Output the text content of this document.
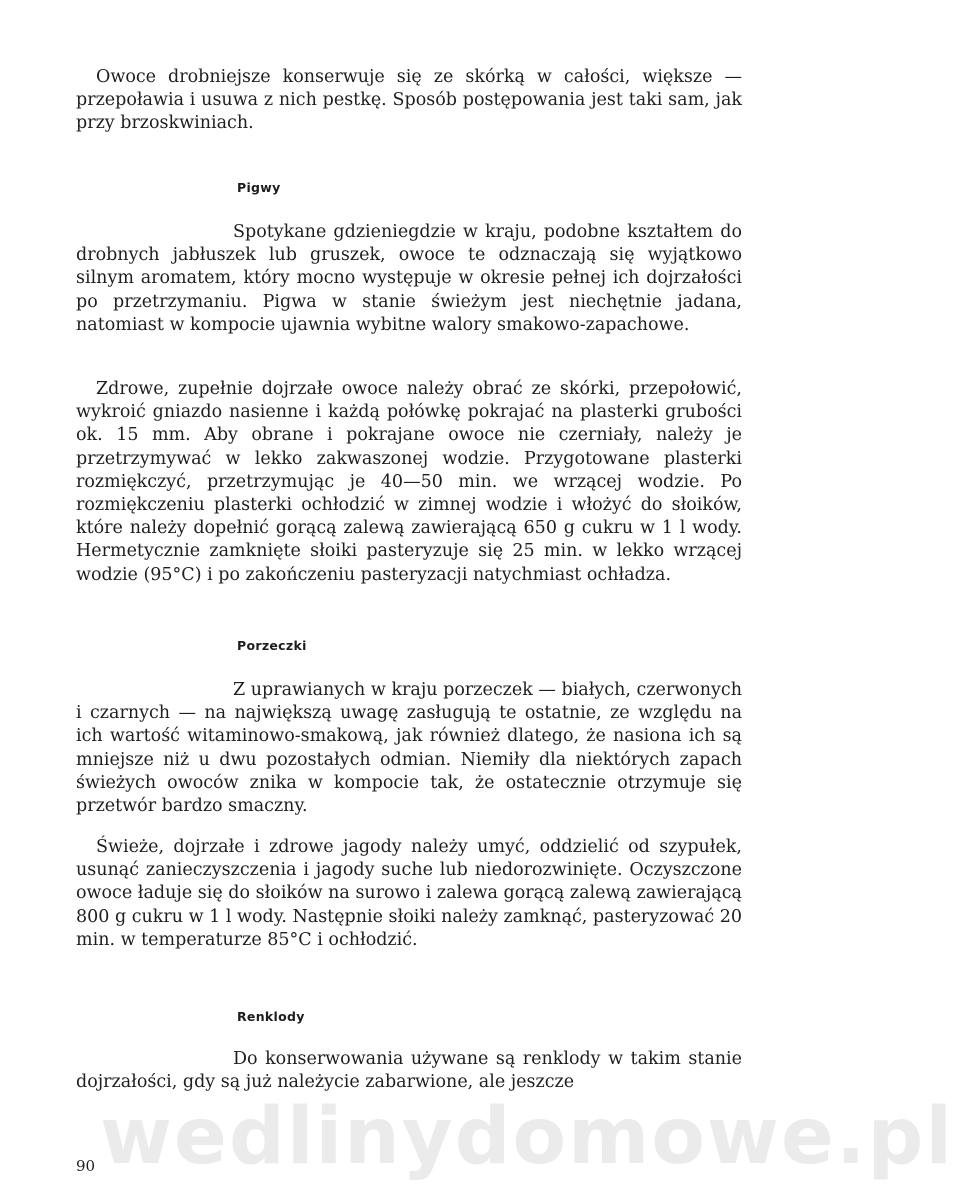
Owoce drobniejsze konserwuje się ze skórką w całości, większe — przepoławia i usuwa z nich pestkę. Sposób postępowania jest taki sam, jak przy brzoskwiniach.

Pigwy

Spotykane gdzieniegdzie w kraju, podobne kształtem do drobnych jabłuszek lub gruszek, owoce te odznaczają się wyjątkowo silnym aromatem, który mocno występuje w okresie pełnej ich dojrzałości po przetrzymaniu. Pigwa w stanie świeżym jest niechętnie jadana, natomiast w kompocie ujawnia wybitne walory smakowo-zapachowe.

Zdrowe, zupełnie dojrzałe owoce należy obrać ze skórki, przepołowić, wykroić gniazdo nasienne i każdą połówkę pokrajać na plasterki grubości ok. 15 mm. Aby obrane i pokrajane owoce nie czerniały, należy je przetrzymywać w lekko zakwaszonej wodzie. Przygotowane plasterki rozmiękczyć, przetrzymując je 40—50 min. we wrzącej wodzie. Po rozmiękczeniu plasterki ochłodzić w zimnej wodzie i włożyć do słoików, które należy dopełnić gorącą zalewą zawierającą 650 g cukru w 1 l wody. Hermetycznie zamknięte słoiki pasteryzuje się 25 min. w lekko wrzącej wodzie (95°C) i po zakończeniu pasteryzacji natychmiast ochładza.

Porzeczki

Z uprawianych w kraju porzeczek — białych, czerwonych i czarnych — na największą uwagę zasługują te ostatnie, ze względu na ich wartość witaminowo-smakową, jak również dlatego, że nasiona ich są mniejsze niż u dwu pozostałych odmian. Niemiły dla niektórych zapach świeżych owoców znika w kompocie tak, że ostatecznie otrzymuje się przetwór bardzo smaczny.

Świeże, dojrzałe i zdrowe jagody należy umyć, oddzielić od szypułek, usunąć zanieczyszczenia i jagody suche lub niedorozwinięte. Oczyszczone owoce ładuje się do słoików na surowo i zalewa gorącą zalewą zawierającą 800 g cukru w 1 l wody. Następnie słoiki należy zamknąć, pasteryzować 20 min. w temperaturze 85°C i ochłodzić.

Renklody

Do konserwowania używane są renklody w takim stanie dojrzałości, gdy są już należycie zabarwione, ale jeszcze

wedlinydomowe.pl

90
